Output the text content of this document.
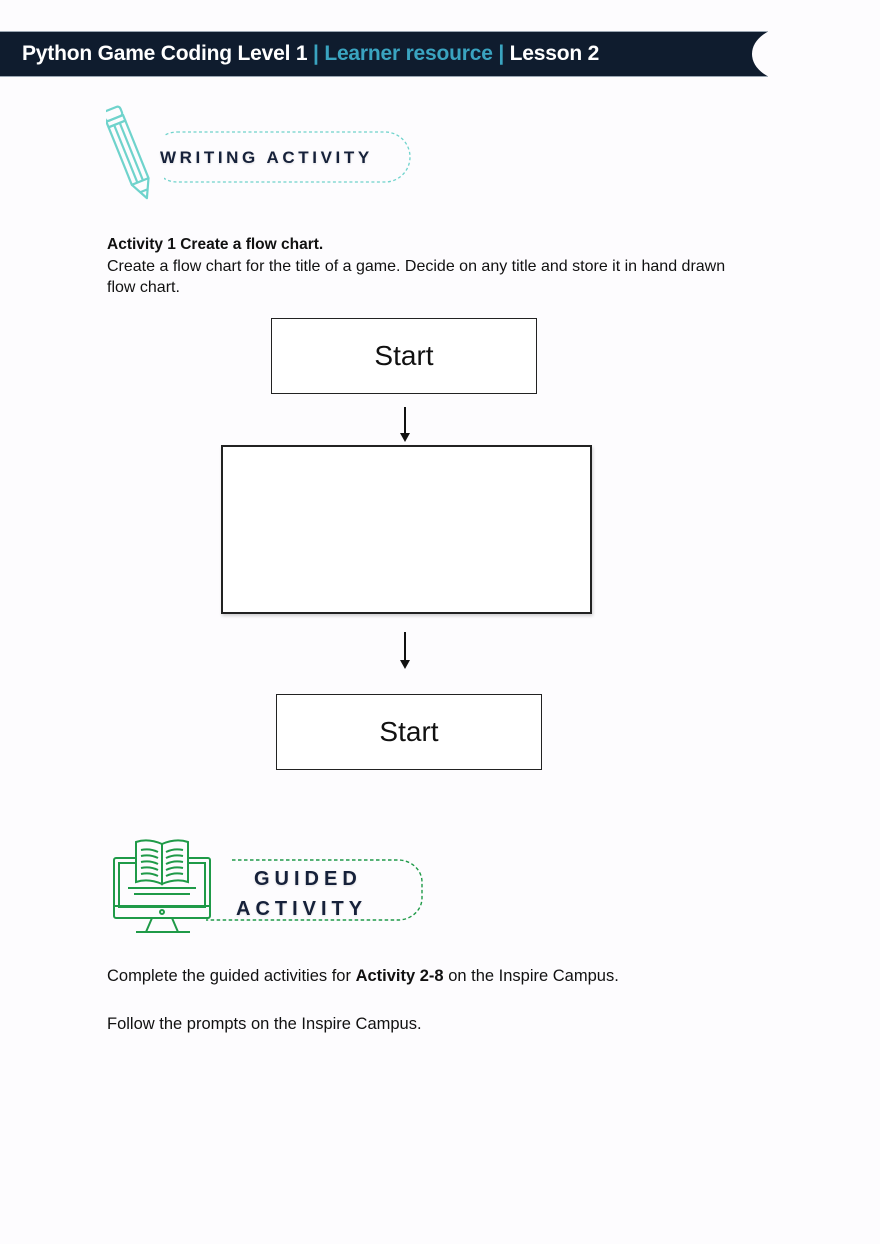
Python Game Coding Level 1 | Learner resource | Lesson 2
WRITING ACTIVITY
Activity 1 Create a flow chart.
Create a flow chart for the title of a game. Decide on any title and store it in hand drawn flow chart.
Start
Start
GUIDED
ACTIVITY
Complete the guided activities for Activity 2-8 on the Inspire Campus.
Follow the prompts on the Inspire Campus.
